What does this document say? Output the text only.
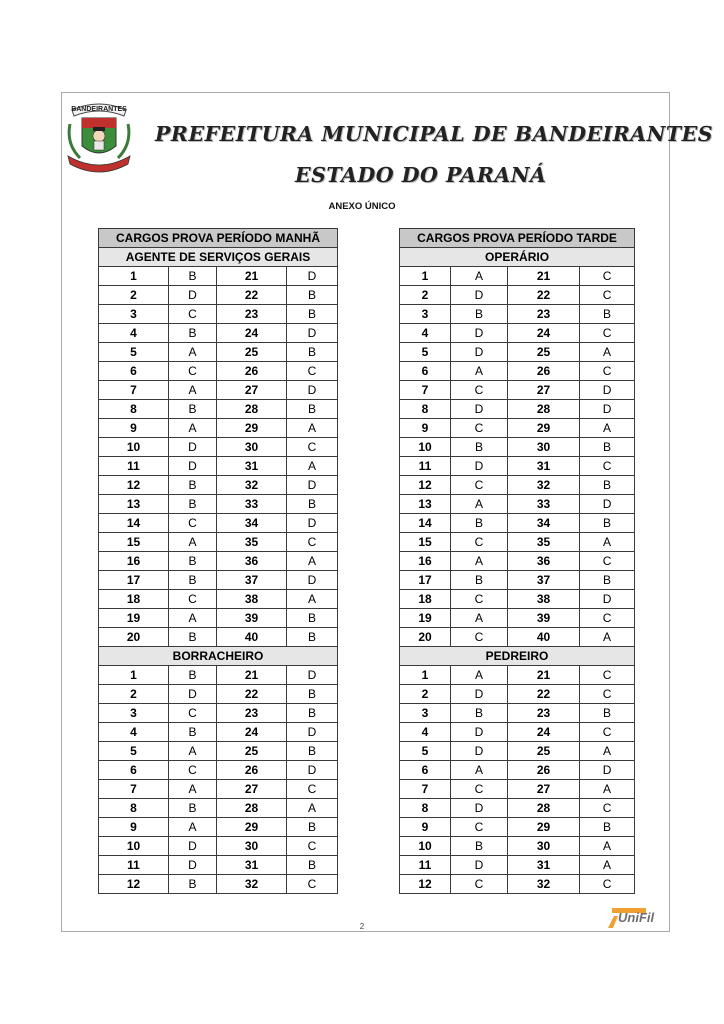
BANDEIRANTES
PREFEITURA MUNICIPAL DE BANDEIRANTES
ESTADO DO PARANÁ
ANEXO ÚNICO
CARGOS PROVA PERÍODO MANHÃ			
AGENTE DE SERVIÇOS GERAIS			
1	B	21	D
2	D	22	B
3	C	23	B
4	B	24	D
5	A	25	B
6	C	26	C
7	A	27	D
8	B	28	B
9	A	29	A
10	D	30	C
11	D	31	A
12	B	32	D
13	B	33	B
14	C	34	D
15	A	35	C
16	B	36	A
17	B	37	D
18	C	38	A
19	A	39	B
20	B	40	B
BORRACHEIRO			
1	B	21	D
2	D	22	B
3	C	23	B
4	B	24	D
5	A	25	B
6	C	26	D
7	A	27	C
8	B	28	A
9	A	29	B
10	D	30	C
11	D	31	B
12	B	32	C
CARGOS PROVA PERÍODO TARDE			
OPERÁRIO			
1	A	21	C
2	D	22	C
3	B	23	B
4	D	24	C
5	D	25	A
6	A	26	C
7	C	27	D
8	D	28	D
9	C	29	A
10	B	30	B
11	D	31	C
12	C	32	B
13	A	33	D
14	B	34	B
15	C	35	A
16	A	36	C
17	B	37	B
18	C	38	D
19	A	39	C
20	C	40	A
PEDREIRO			
1	A	21	C
2	D	22	C
3	B	23	B
4	D	24	C
5	D	25	A
6	A	26	D
7	C	27	A
8	D	28	C
9	C	29	B
10	B	30	A
11	D	31	A
12	C	32	C
2
UniFil
